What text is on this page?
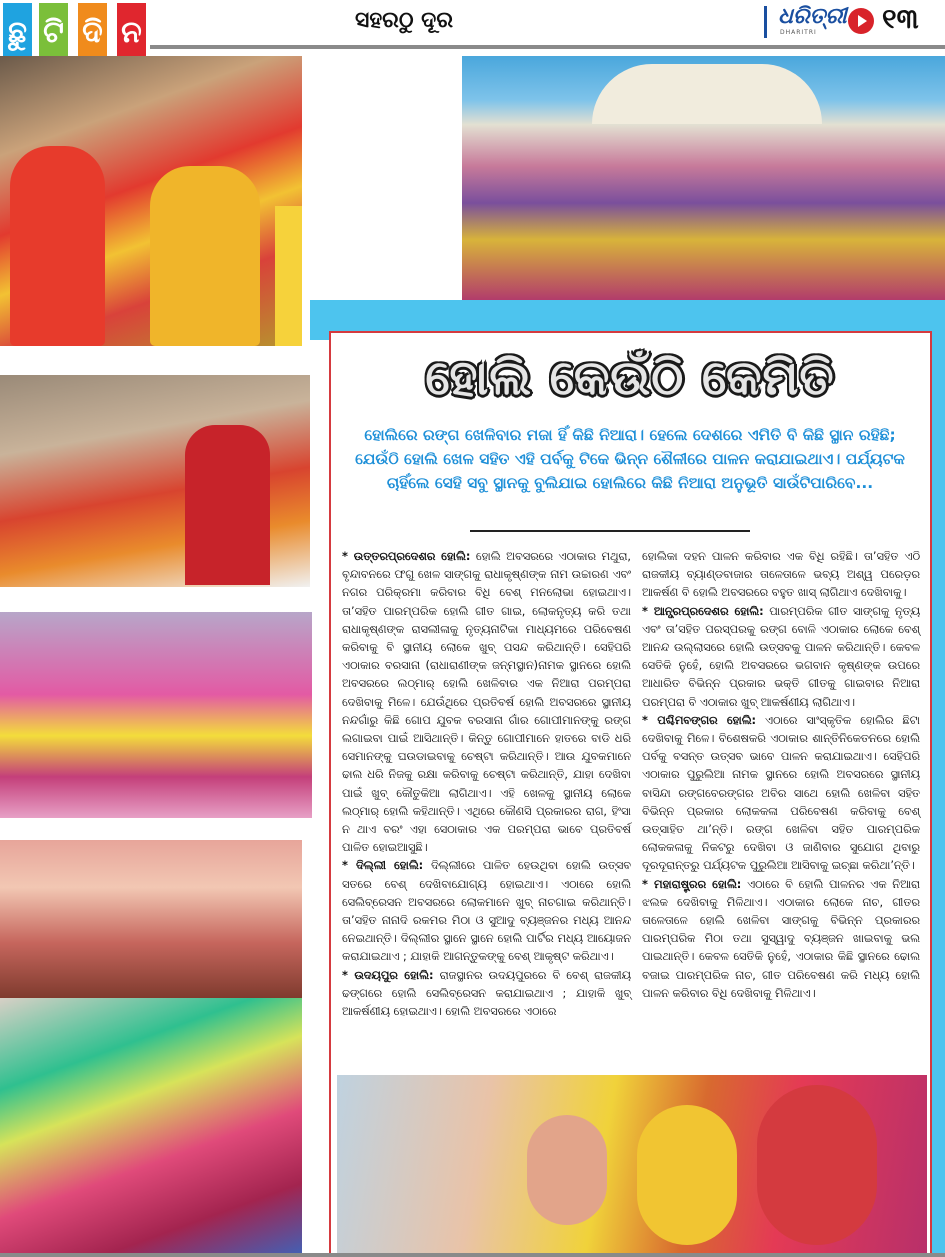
ଛୁ ଟି ଦି ନ	ସହରଠୁ ଦୂର	ଧରିତ୍ରୀ
DHARITRI ୧୩
ହୋଲି କେଉଁଠି କେମିତି
ହୋଲିରେ ରଙ୍ଗ ଖେଳିବାର ମଜା ହିଁ କିଛି ନିଆରା। ହେଲେ ଦେଶରେ ଏମିତି ବି କିଛି ସ୍ଥାନ ରହିଛି; ଯେଉଁଠି ହୋଲି ଖେଳ ସହିତ ଏହି ପର୍ବକୁ ଟିକେ ଭିନ୍ନ ଶୈଳୀରେ ପାଳନ କରାଯାଇଥାଏ। ପର୍ଯ୍ୟଟକ ଚାହିଁଲେ ସେହି ସବୁ ସ୍ଥାନକୁ ବୁଲିଯାଇ ହୋଲିରେ କିଛି ନିଆରା ଅନୁଭୂତି ସାଉଁଟିପାରିବେ...

* ଉତ୍ତରପ୍ରଦେଶର ହୋଲି: ହୋଲି ଅବସରରେ ଏଠାକାର ମଥୁରା, ବୃନ୍ଦାବନରେ ଫଗୁ ଖେଳ ସାଙ୍ଗକୁ ରାଧାକୃଷ୍ଣଙ୍କ ନାମ ଉଚ୍ଚାରଣ ଏବଂ ନଗର ପରିକ୍ରମା କରିବାର ବିଧି ବେଶ୍ ମନଲୋଭା ହୋଇଥାଏ। ତା’ସହିତ ପାରମ୍ପରିକ ହୋଲି ଗୀତ ଗାଇ, ଲୋକନୃତ୍ୟ କରି ତଥା ରାଧାକୃଷ୍ଣଙ୍କ ରାସଲୀଳାକୁ ନୃତ୍ୟନାଟିକା ମାଧ୍ୟମରେ ପରିବେଷଣ କରିବାକୁ ବି ସ୍ଥାନୀୟ ଲୋକେ ଖୁବ୍ ପସନ୍ଦ କରିଥାନ୍ତି। ସେହିପରି ଏଠାକାର ବରସାନା (ରାଧାରାଣୀଙ୍କ ଜନ୍ମସ୍ଥାନ)ନାମକ ସ୍ଥାନରେ ହୋଲି ଅବସରରେ ଲଠ୍‌ମାର୍ ହୋଲି ଖେଳିବାର ଏକ ନିଆରା ପରମ୍ପରା ଦେଖିବାକୁ ମିଳେ। ଯେଉଁଥିରେ ପ୍ରତିବର୍ଷ ହୋଲି ଅବସରରେ ସ୍ଥାନୀୟ ନନ୍ଦଗାଁରୁ କିଛି ଗୋପ ଯୁବକ ବରସାନା ଗାଁର ଗୋପୀମାନଙ୍କୁ ରଙ୍ଗ ଲଗାଇବା ପାଇଁ ଆସିଥାନ୍ତି। କିନ୍ତୁ ଗୋପୀମାନେ ହାତରେ ବାଡି ଧରି ସେମାନଙ୍କୁ ଘଉଡାଇବାକୁ ଚେଷ୍ଟା କରିଥାନ୍ତି। ଆଉ ଯୁବକମାନେ ଢାଲ ଧରି ନିଜକୁ ରକ୍ଷା କରିବାକୁ ଚେଷ୍ଟା କରିଥାନ୍ତି, ଯାହା ଦେଖିବା ପାଇଁ ଖୁବ୍ କୌତୁକିଆ ଲାଗିଥାଏ। ଏହି ଖେଳକୁ ସ୍ଥାନୀୟ ଲୋକେ ଲଠ୍‌ମାର୍ ହୋଲି କହିଥାନ୍ତି। ଏଥିରେ କୌଣସି ପ୍ରକାରର ରାଗ, ହିଂସା ନ ଥାଏ ବରଂ ଏହା ସେଠାକାର ଏକ ପରମ୍ପରା ଭାବେ ପ୍ରତିବର୍ଷ ପାଳିତ ହୋଇଆସୁଛି।

* ଦିଲ୍ଲୀ ହୋଲି: ଦିଲ୍ଲୀରେ ପାଳିତ ହେଉଥିବା ହୋଲି ଉତ୍ସବ ସତରେ ବେଶ୍ ଦେଖିବାଯୋଗ୍ୟ ହୋଇଥାଏ। ଏଠାରେ ହୋଲି ସେଲିବ୍ରେସନ ଅବସରରେ ଲୋକମାନେ ଖୁବ୍ ନାଚଗାଇ କରିଥାନ୍ତି। ତା’ସହିତ ନାନାଦି ରକମର ମିଠା ଓ ସୁଆଦୁ ବ୍ୟଞ୍ଜନର ମଧ୍ୟ ଆନନ୍ଦ ନେଇଥାନ୍ତି। ଦିଲ୍ଲୀର ସ୍ଥାନେ ସ୍ଥାନେ ହୋଲି ପାର୍ଟିର ମଧ୍ୟ ଆୟୋଜନ କରାଯାଇଥାଏ ; ଯାହାକି ଆଗନ୍ତୁକଙ୍କୁ ବେଶ୍ ଆକୃଷ୍ଟ କରିଥାଏ।

* ଉଦୟପୁର ହୋଲି: ରାଜସ୍ଥାନର ଉଦୟପୁରରେ ବି ବେଶ୍ ରାଜକୀୟ ଢଙ୍ଗରେ ହୋଲି ସେଲିବ୍ରେସନ କରାଯାଇଥାଏ ; ଯାହାକି ଖୁବ୍ ଆକର୍ଷଣୀୟ ହୋଇଥାଏ। ହୋଲି ଅବସରରେ ଏଠାରେ

ହୋଲିକା ଦହନ ପାଳନ କରିବାର ଏକ ବିଧି ରହିଛି। ତା’ସହିତ ଏଠି ରାଜକୀୟ ବ୍ୟାଣ୍ଡବାଜାର ତାଳେତାଳେ ଭବ୍ୟ ଅଶ୍ୱ ପରେଡ଼ର ଆକର୍ଷଣ ବି ହୋଲି ଅବସରରେ ବହୁତ ଖାସ୍ ଲାଗିଥାଏ ଦେଖିବାକୁ।

* ଆନ୍ଧ୍ରପ୍ରଦେଶର ହୋଲି: ପାରମ୍ପରିକ ଗୀତ ସାଙ୍ଗକୁ ନୃତ୍ୟ ଏବଂ ତା’ସହିତ ପରସ୍ପରକୁ ରଙ୍ଗ ବୋଳି ଏଠାକାର ଲୋକେ ବେଶ୍ ଆନନ୍ଦ ଉଲ୍ଲାସରେ ହୋଲି ଉତ୍ସବକୁ ପାଳନ କରିଥାନ୍ତି। କେବଳ ସେତିକି ନୁହେଁ, ହୋଲି ଅବସରରେ ଭଗବାନ କୃଷ୍ଣଙ୍କ ଉପରେ ଆଧାରିତ ବିଭିନ୍ନ ପ୍ରକାର ଭକ୍ତି ଗୀତକୁ ଗାଇବାର ନିଆରା ପରମ୍ପରା ବି ଏଠାକାର ଖୁବ୍ ଆକର୍ଷଣୀୟ ଲାଗିଥାଏ।

* ପଶ୍ଚିମବଙ୍ଗର ହୋଲି: ଏଠାରେ ସାଂସ୍କୃତିକ ହୋଲିର ଛିଟା ଦେଖିବାକୁ ମିଳେ। ବିଶେଷକରି ଏଠାକାର ଶାନ୍ତିନିକେତନରେ ହୋଲି ପର୍ବକୁ ବସନ୍ତ ଉତ୍ସବ ଭାବେ ପାଳନ କରାଯାଇଥାଏ। ସେହିପରି ଏଠାକାର ପୁରୁଲିଆ ନାମକ ସ୍ଥାନରେ ହୋଲି ଅବସରରେ ସ୍ଥାନୀୟ ବାସିନ୍ଦା ରଙ୍ଗବେରଙ୍ଗର ଅବିର ସାଥେ ହୋଲି ଖେଳିବା ସହିତ ବିଭିନ୍ନ ପ୍ରକାର ଲୋକକଳା ପରିବେଷଣ କରିବାକୁ ବେଶ୍ ଉତ୍ସାହିତ ଥା’ନ୍ତି। ରଙ୍ଗ ଖେଳିବା ସହିତ ପାରମ୍ପରିକ ଲୋକକଳାକୁ ନିକଟରୁ ଦେଖିବା ଓ ଜାଣିବାର ସୁଯୋଗ ଥିବାରୁ ଦୂରଦୂରାନ୍ତରୁ ପର୍ଯ୍ୟଟକ ପୁରୁଲିଆ ଆସିବାକୁ ଇଚ୍ଛା କରିଥା’ନ୍ତି।

* ମହାରାଷ୍ଟ୍ରର ହୋଲି: ଏଠାରେ ବି ହୋଲି ପାଳନର ଏକ ନିଆରା ଝଲକ ଦେଖିବାକୁ ମିଳିଥାଏ। ଏଠାକାର ଲୋକେ ନାଚ, ଗୀତର ତାଳେତାଳେ ହୋଲି ଖେଳିବା ସାଙ୍ଗକୁ ବିଭିନ୍ନ ପ୍ରକାରର ପାରମ୍ପରିକ ମିଠା ତଥା ସୁସ୍ୱାଦୁ ବ୍ୟଞ୍ଜନ ଖାଇବାକୁ ଭଲ ପାଇଥାନ୍ତି। କେବଳ ସେତିକି ନୁହେଁ, ଏଠାକାର କିଛି ସ୍ଥାନରେ ଢୋଲ ବଜାଇ ପାରମ୍ପରିକ ନାଚ, ଗୀତ ପରିବେଷଣ କରି ମଧ୍ୟ ହୋଲି ପାଳନ କରିବାର ବିଧି ଦେଖିବାକୁ ମିଳିଥାଏ।
